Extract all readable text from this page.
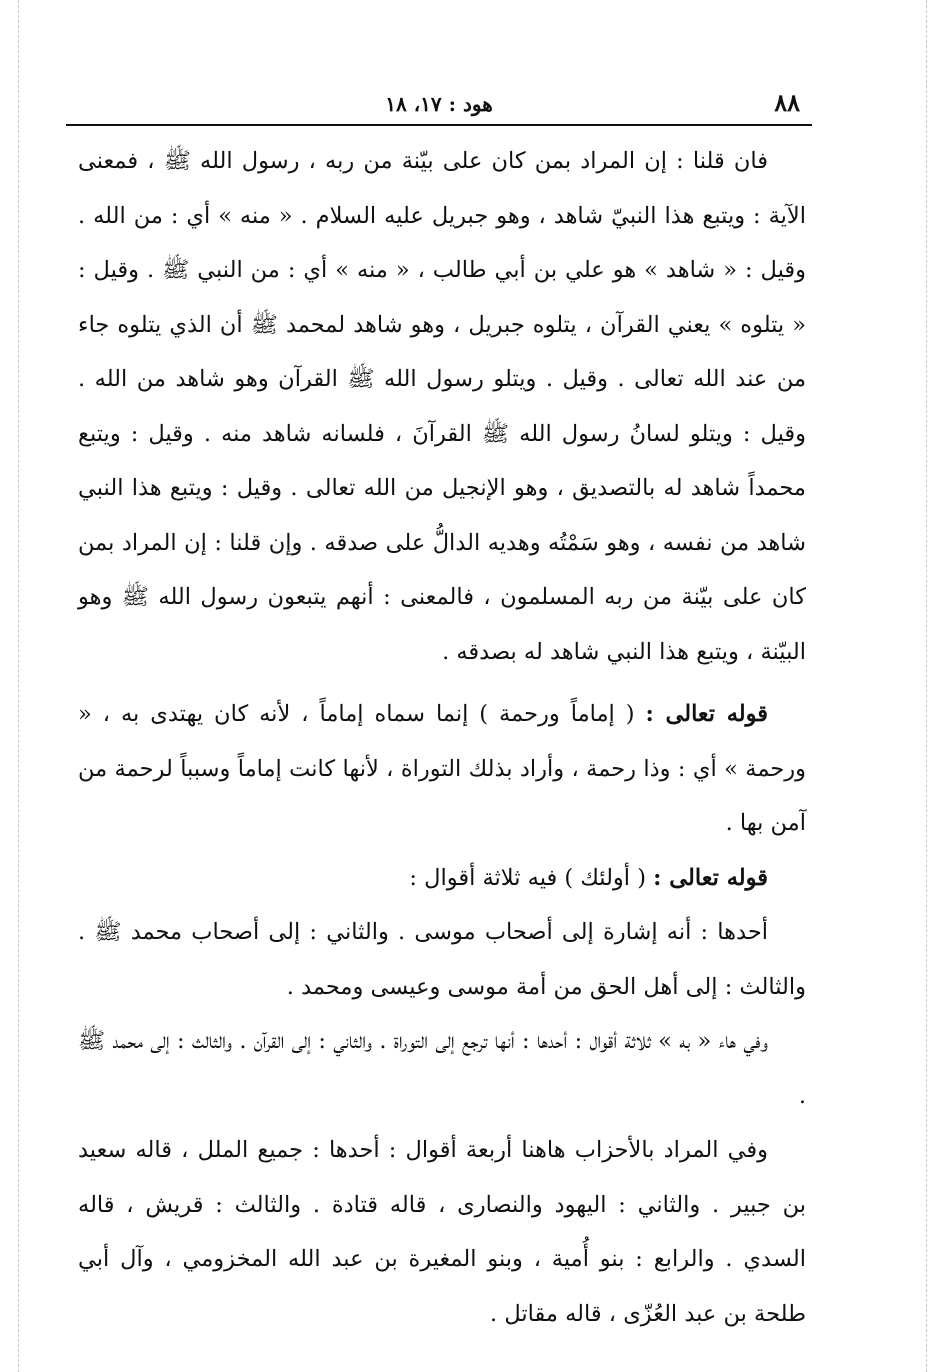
٨٨
هود : ١٧، ١٨

فان قلنا : إن المراد بمن كان على بيّنة من ربه ، رسول الله ﷺ ، فمعنى الآية : ويتبع هذا النبيّ شاهد ، وهو جبريل عليه السلام . « منه » أي : من الله . وقيل : « شاهد » هو علي بن أبي طالب ، « منه » أي : من النبي ﷺ . وقيل : « يتلوه » يعني القرآن ، يتلوه جبريل ، وهو شاهد لمحمد ﷺ أن الذي يتلوه جاء من عند الله تعالى . وقيل . ويتلو رسول الله ﷺ القرآن وهو شاهد من الله . وقيل : ويتلو لسانُ رسول الله ﷺ القرآنَ ، فلسانه شاهد منه . وقيل : ويتبع محمداً شاهد له بالتصديق ، وهو الإنجيل من الله تعالى . وقيل : ويتبع هذا النبي شاهد من نفسه ، وهو سَمْتُه وهديه الدالُّ على صدقه . وإن قلنا : إن المراد بمن كان على بيّنة من ربه المسلمون ، فالمعنى : أنهم يتبعون رسول الله ﷺ وهو البيّنة ، ويتبع هذا النبي شاهد له بصدقه .

قوله تعالى : ( إماماً ورحمة ) إنما سماه إماماً ، لأنه كان يهتدى به ، « ورحمة » أي : وذا رحمة ، وأراد بذلك التوراة ، لأنها كانت إماماً وسبباً لرحمة من آمن بها .

قوله تعالى : ( أولئك ) فيه ثلاثة أقوال :

أحدها : أنه إشارة إلى أصحاب موسى . والثاني : إلى أصحاب محمد ﷺ . والثالث : إلى أهل الحق من أمة موسى وعيسى ومحمد .

وفي هاء « به » ثلاثة أقوال : أحدها : أنها ترجع إلى التوراة . والثاني : إلى القرآن . والثالث : إلى محمد ﷺ .

وفي المراد بالأحزاب هاهنا أربعة أقوال : أحدها : جميع الملل ، قاله سعيد بن جبير . والثاني : اليهود والنصارى ، قاله قتادة . والثالث : قريش ، قاله السدي . والرابع : بنو أُمية ، وبنو المغيرة بن عبد الله المخزومي ، وآل أبي طلحة بن عبد العُزّى ، قاله مقاتل .
